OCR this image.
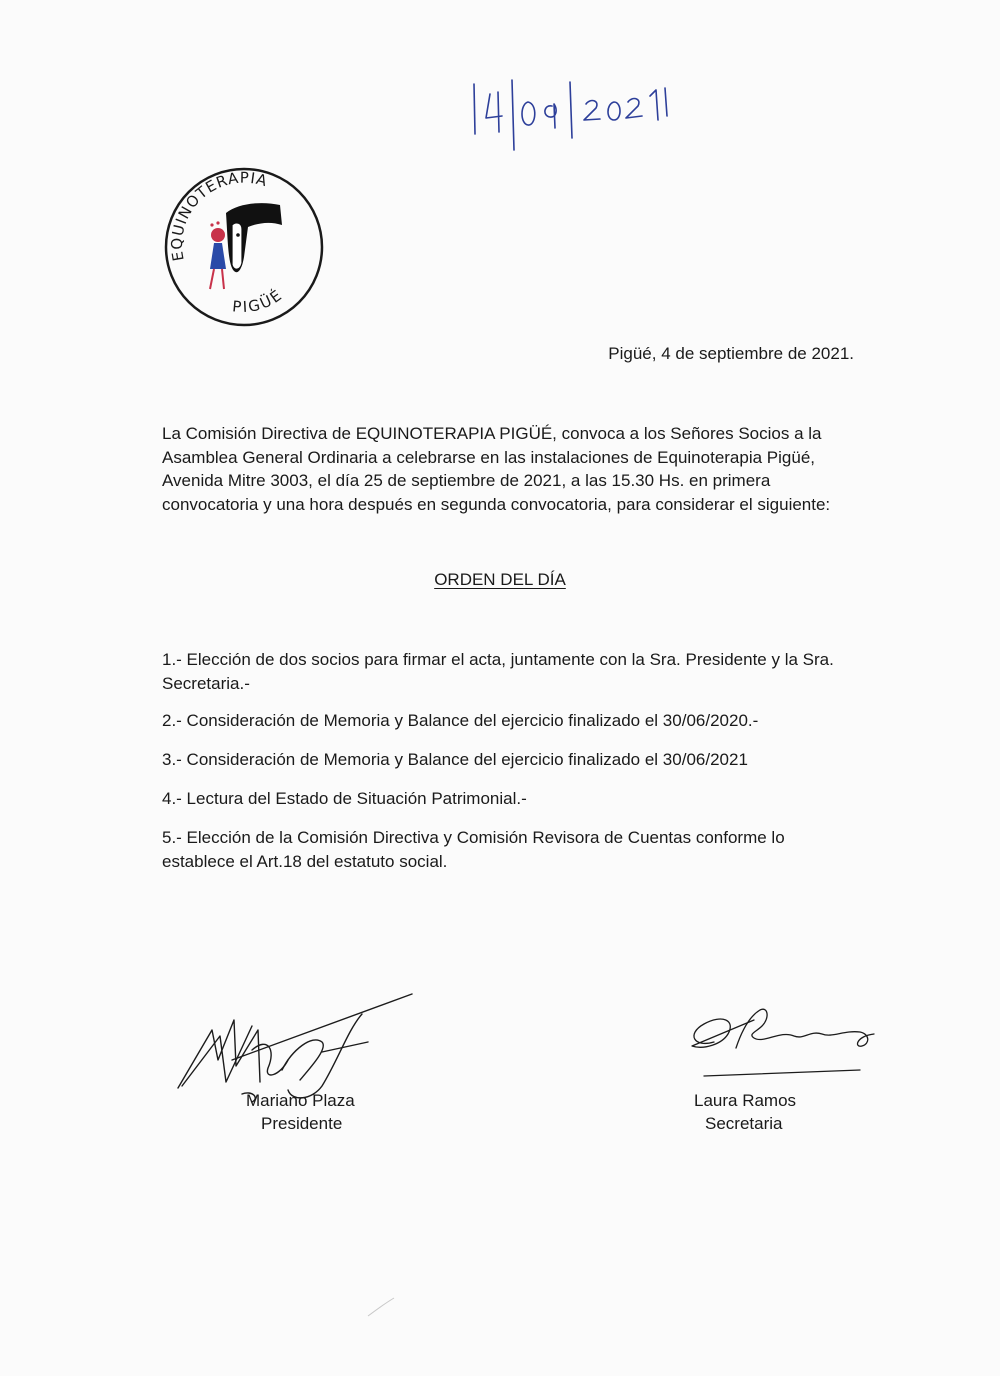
EQUINOTERAPIA
PIGÜÉ
Pigüé, 4 de septiembre de 2021.

La Comisión Directiva de EQUINOTERAPIA PIGÜÉ, convoca a los Señores Socios a la

Asamblea General Ordinaria a celebrarse en las instalaciones de Equinoterapia Pigüé,

Avenida Mitre 3003, el día 25 de septiembre de 2021, a las 15.30 Hs. en primera

convocatoria y una hora después en segunda convocatoria, para considerar el siguiente:

ORDEN DEL DÍA

1.- Elección de dos socios para firmar el acta, juntamente con la Sra. Presidente y la Sra.

Secretaria.-

2.- Consideración de Memoria y Balance del ejercicio finalizado el 30/06/2020.-

3.- Consideración de Memoria y Balance del ejercicio finalizado el 30/06/2021

4.- Lectura del Estado de Situación Patrimonial.-

5.- Elección de la Comisión Directiva y Comisión Revisora de Cuentas conforme lo

establece el Art.18 del estatuto social.

Mariano Plaza
Presidente
Laura Ramos
Secretaria
